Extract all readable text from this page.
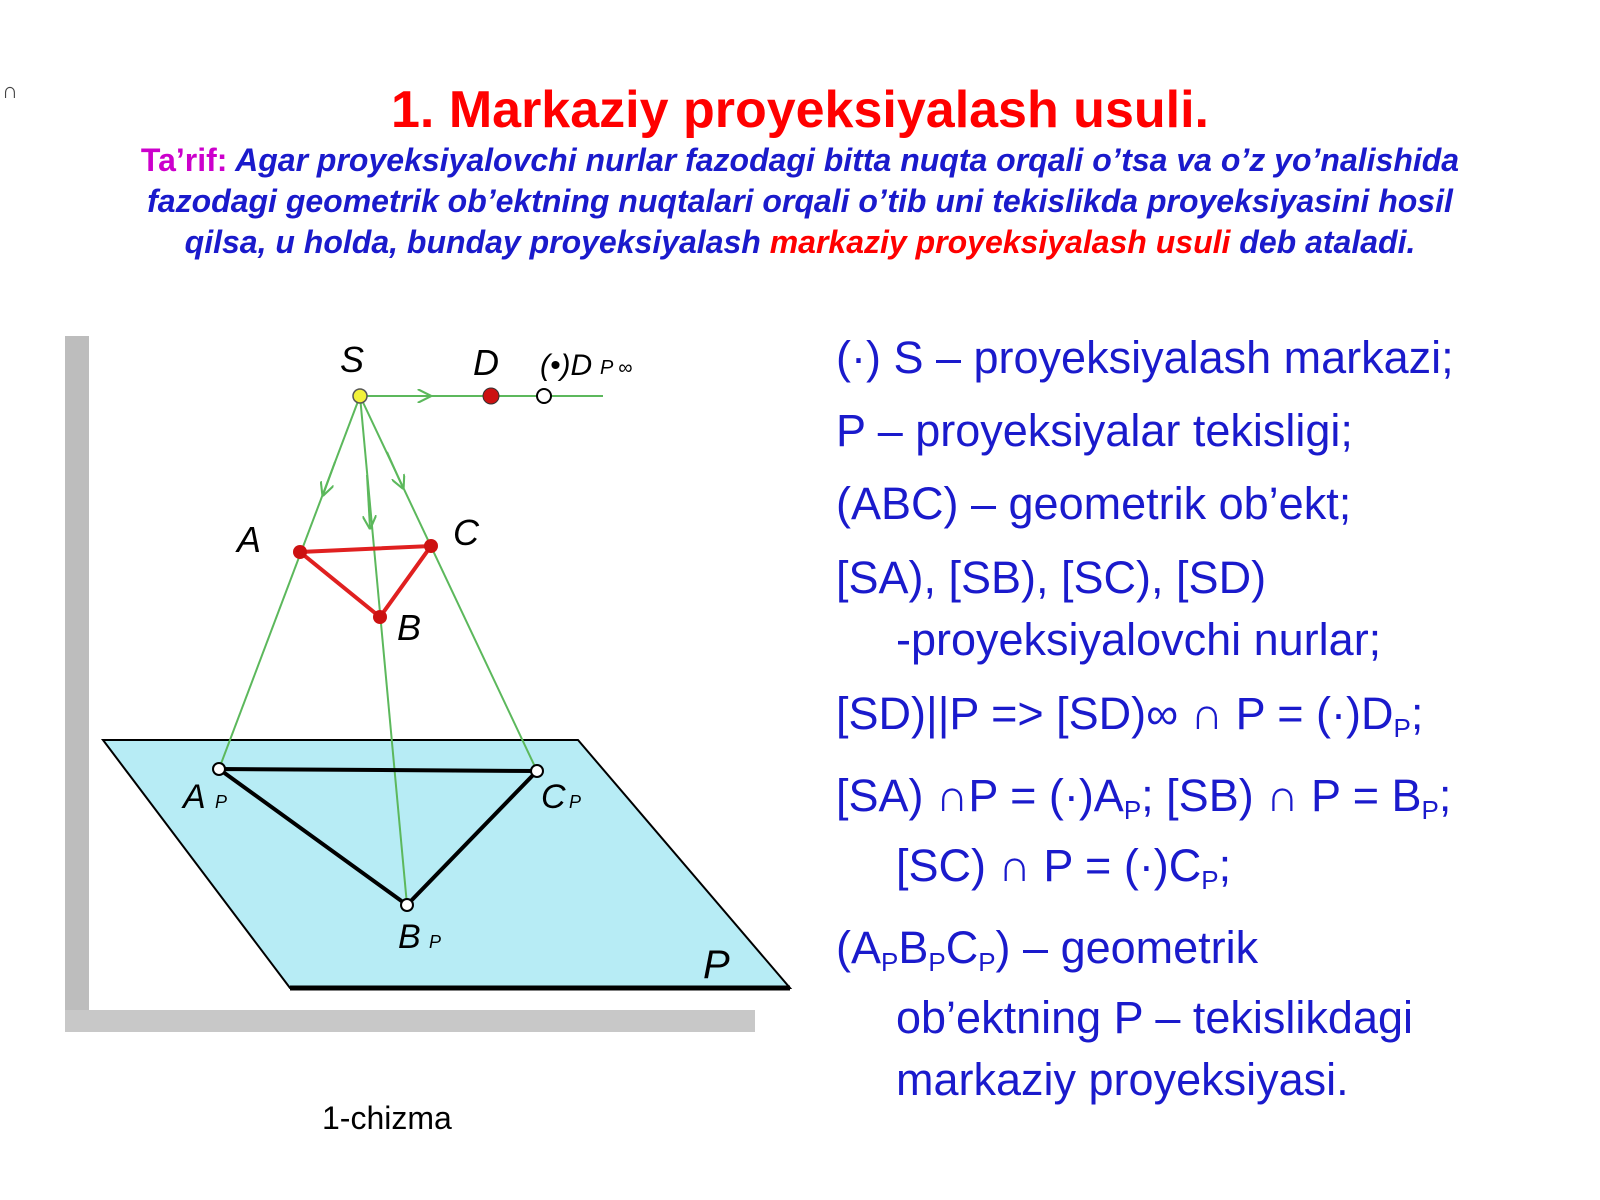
∩	1. Markaziy proyeksiyalash usuli.
Ta’rif: Agar proyeksiyalovchi nurlar fazodagi bitta nuqta orqali o’tsa va o’z yo’nalishida fazodagi geometrik ob’ektning nuqtalari orqali o’tib uni tekislikda proyeksiyasini hosil qilsa, u holda, bunday proyeksiyalash markaziy proyeksiyalash usuli deb ataladi.
S	D (•)D P ∞
A	C
B
A P	C P
B P
P
1-chizma
(·) S – proyeksiyalash markazi;
P – proyeksiyalar tekisligi;
(ABC) – geometrik ob’ekt;
[SA), [SB), [SC), [SD)
-proyeksiyalovchi nurlar;
[SD)||P => [SD)∞ ∩ $P = (\cdot)D_P$;
[SA) ∩P = $(\cdot)A_P$; [SB) ∩ $P = B_P$;
[SC) ∩ $P = (\cdot)C_P$;
$(A_PB_PC_P)$ – geometrik
ob’ektning P – tekislikdagi
markaziy proyeksiyasi.
